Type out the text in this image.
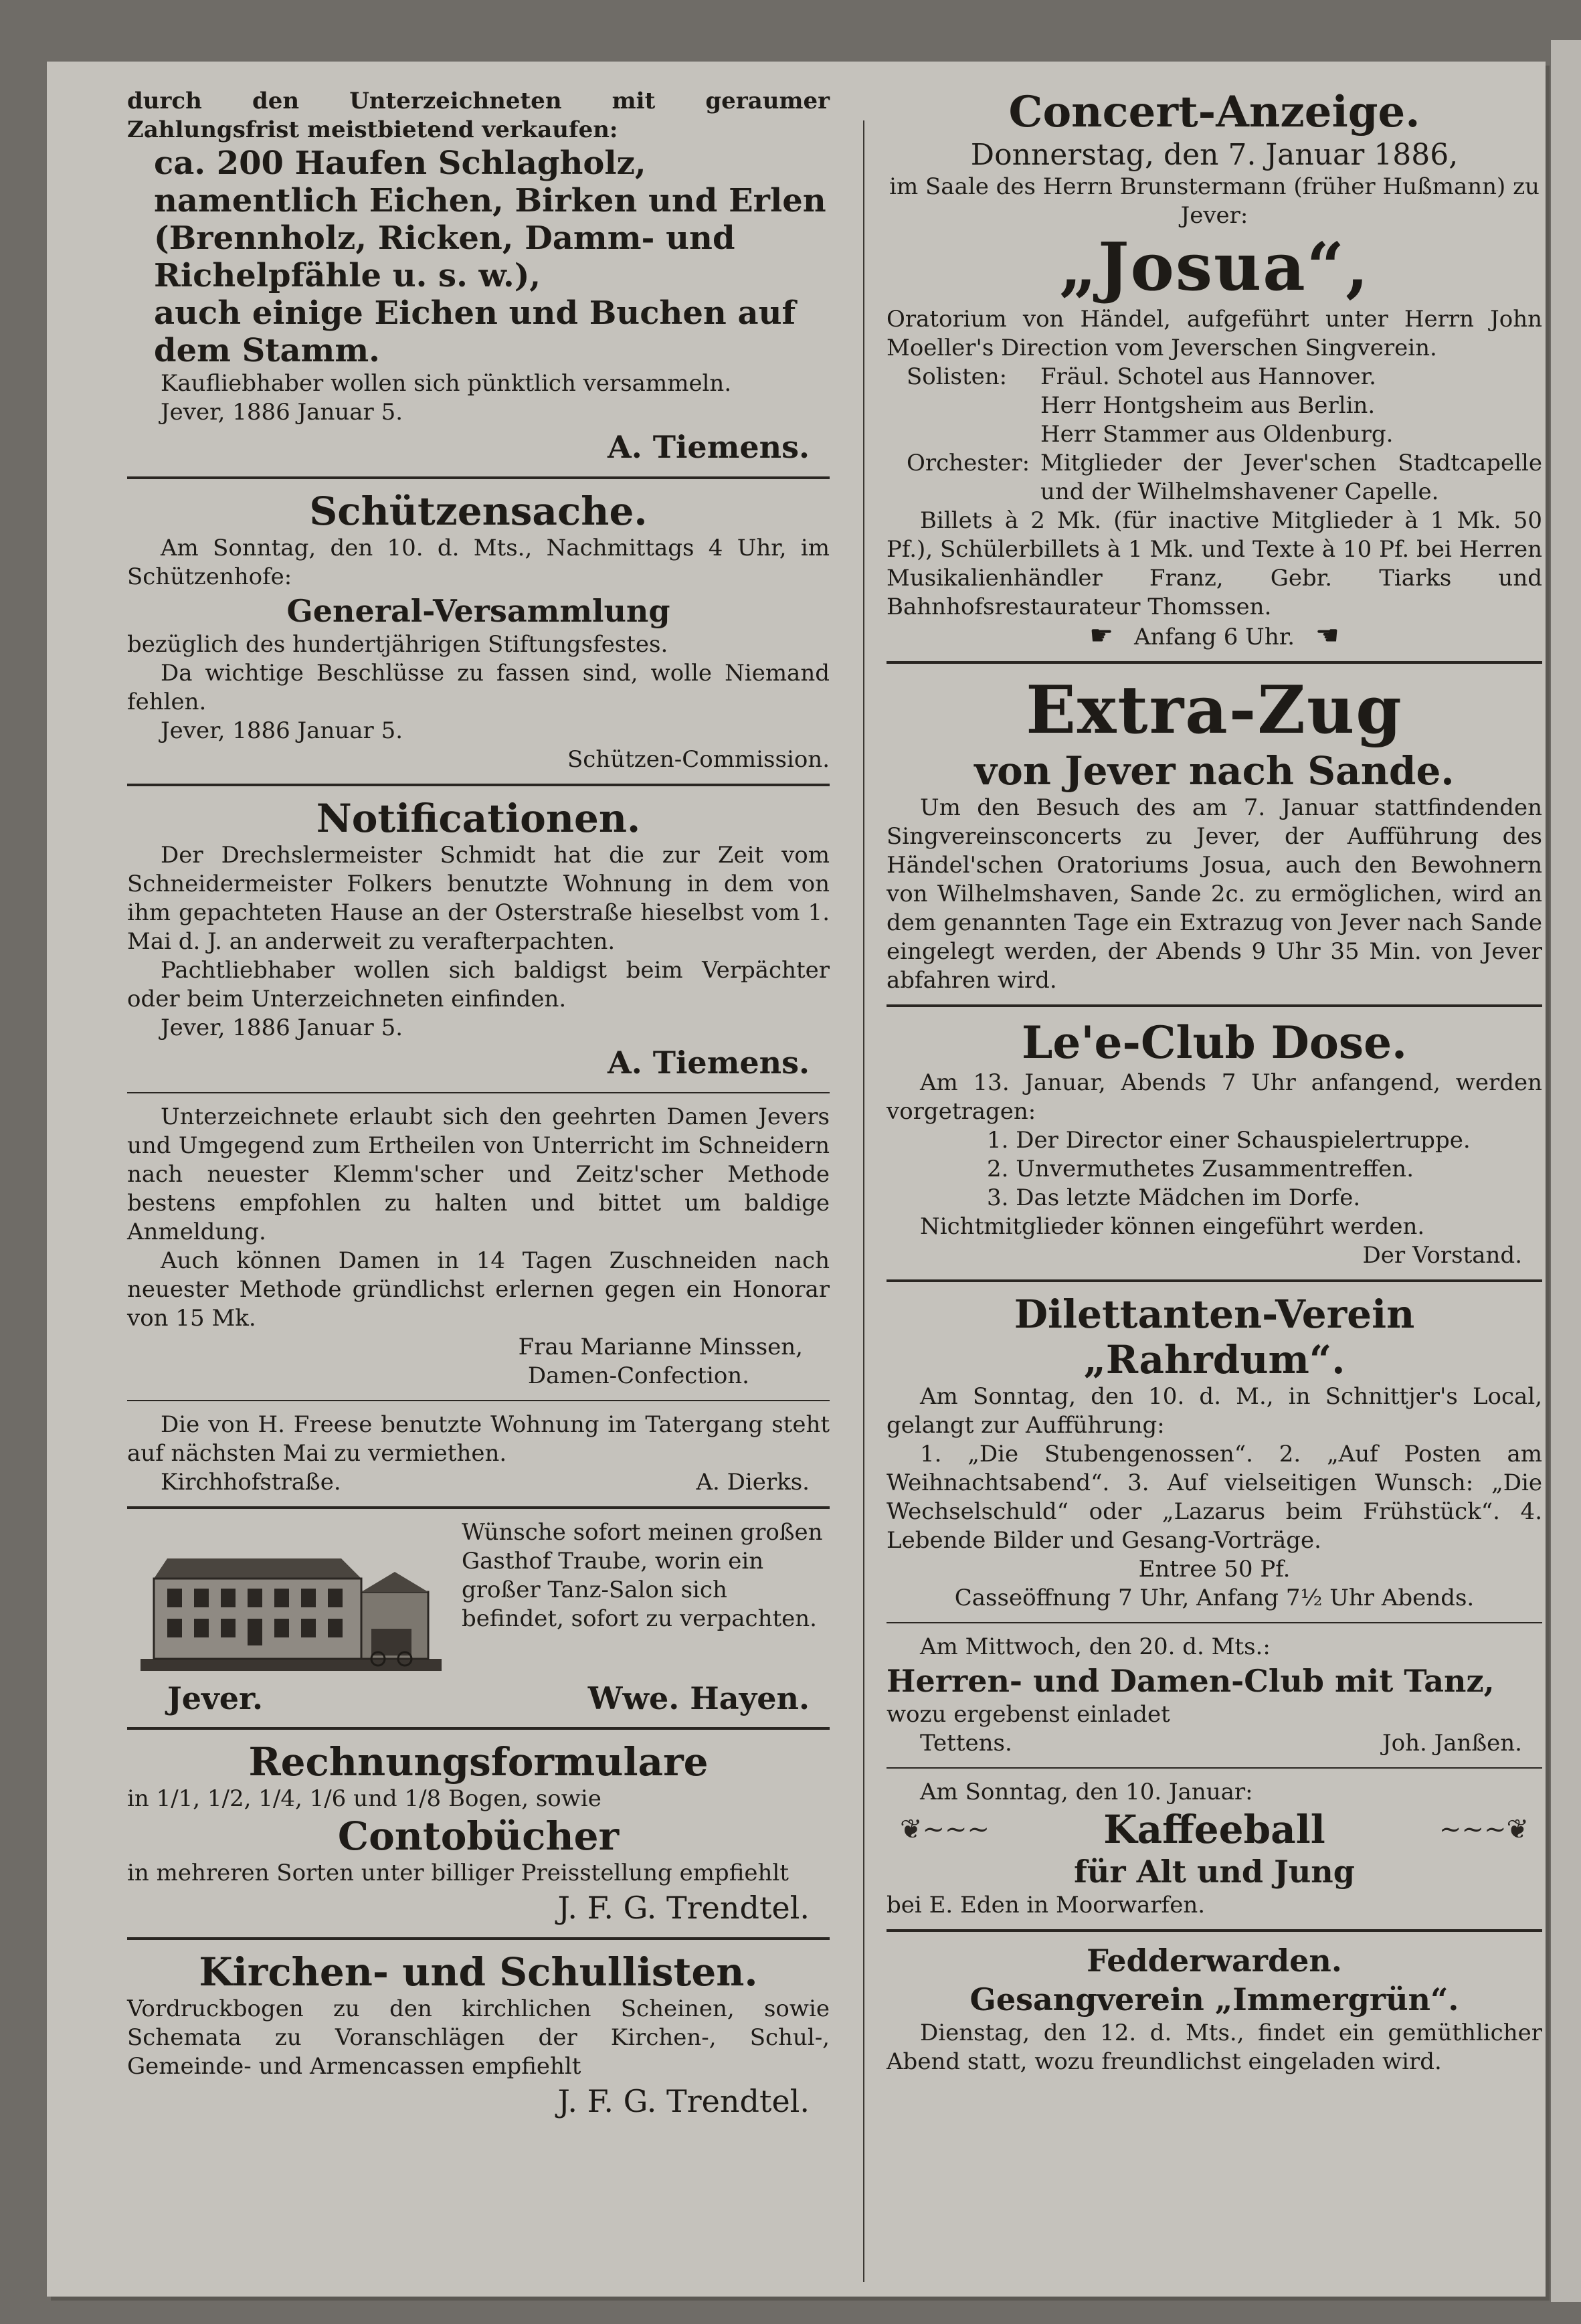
durch den Unterzeichneten mit geraumer Zahlungsfrist meistbietend verkaufen:

ca. 200 Haufen Schlagholz, namentlich Eichen, Birken und Erlen (Brennholz, Ricken, Damm- und Richelpfähle u. s. w.),

auch einige Eichen und Buchen auf dem Stamm.

Kaufliebhaber wollen sich pünktlich versammeln.

Jever, 1886 Januar 5.

A. Tiemens.

Schützensache.

Am Sonntag, den 10. d. Mts., Nachmittags 4 Uhr, im Schützenhofe:

General-Versammlung

bezüglich des hundertjährigen Stiftungsfestes.

Da wichtige Beschlüsse zu fassen sind, wolle Niemand fehlen.

Jever, 1886 Januar 5.

Schützen-Commission.

Notificationen.

Der Drechslermeister Schmidt hat die zur Zeit vom Schneidermeister Folkers benutzte Wohnung in dem von ihm gepachteten Hause an der Osterstraße hieselbst vom 1. Mai d. J. an anderweit zu verafterpachten.

Pachtliebhaber wollen sich baldigst beim Verpächter oder beim Unterzeichneten einfinden.

Jever, 1886 Januar 5.

A. Tiemens.

Unterzeichnete erlaubt sich den geehrten Damen Jevers und Umgegend zum Ertheilen von Unterricht im Schneidern nach neuester Klemm'scher und Zeitz'scher Methode bestens empfohlen zu halten und bittet um baldige Anmeldung.

Auch können Damen in 14 Tagen Zuschneiden nach neuester Methode gründlichst erlernen gegen ein Honorar von 15 Mk.

Frau Marianne Minssen,

Damen-Confection.

Die von H. Freese benutzte Wohnung im Tatergang steht auf nächsten Mai zu vermiethen.

Kirchhofstraße.	A. Dierks.

Wünsche sofort meinen großen Gasthof Traube, worin ein großer Tanz-Salon sich befindet, sofort zu verpachten.

Jever.	Wwe. Hayen.
Rechnungsformulare

in 1/1, 1/2, 1/4, 1/6 und 1/8 Bogen, sowie

Contobücher

in mehreren Sorten unter billiger Preisstellung empfiehlt

J. F. G. Trendtel.

Kirchen- und Schullisten.

Vordruckbogen zu den kirchlichen Scheinen, sowie Schemata zu Voranschlägen der Kirchen-, Schul-, Gemeinde- und Armencassen empfiehlt

J. F. G. Trendtel.

Concert-Anzeige.

Donnerstag, den 7. Januar 1886,

im Saale des Herrn Brunstermann (früher Hußmann) zu Jever:

„Josua“,

Oratorium von Händel, aufgeführt unter Herrn John Moeller's Direction vom Jeverschen Singverein.

Solisten:	Fräul. Schotel aus Hannover.

Herr Hontgsheim aus Berlin.

Herr Stammer aus Oldenburg.

Orchester: Mitglieder der Jever'schen Stadtcapelle und der Wilhelmshavener Capelle.

Billets à 2 Mk. (für inactive Mitglieder à 1 Mk. 50 Pf.), Schülerbillets à 1 Mk. und Texte à 10 Pf. bei Herren Musikalienhändler Franz, Gebr. Tiarks und Bahnhofsrestaurateur Thomssen.

☛ Anfang 6 Uhr. ☚

Extra-Zug
von Jever nach Sande.

Um den Besuch des am 7. Januar stattfindenden Singvereinsconcerts zu Jever, der Aufführung des Händel'schen Oratoriums Josua, auch den Bewohnern von Wilhelmshaven, Sande 2c. zu ermöglichen, wird an dem genannten Tage ein Extrazug von Jever nach Sande eingelegt werden, der Abends 9 Uhr 35 Min. von Jever abfahren wird.

Le'e-Club Dose.

Am 13. Januar, Abends 7 Uhr anfangend, werden vorgetragen:

1. Der Director einer Schauspielertruppe.

2. Unvermuthetes Zusammentreffen.

3. Das letzte Mädchen im Dorfe.

Nichtmitglieder können eingeführt werden.

Der Vorstand.

Dilettanten-Verein „Rahrdum“.

Am Sonntag, den 10. d. M., in Schnittjer's Local, gelangt zur Aufführung:

1. „Die Stubengenossen“. 2. „Auf Posten am Weihnachtsabend“. 3. Auf vielseitigen Wunsch: „Die Wechselschuld“ oder „Lazarus beim Frühstück“. 4. Lebende Bilder und Gesang-Vorträge.

Entree 50 Pf.

Casseöffnung 7 Uhr, Anfang 7½ Uhr Abends.

Am Mittwoch, den 20. d. Mts.:

Herren- und Damen-Club mit Tanz,

wozu ergebenst einladet

Tettens.	Joh. Janßen.

Am Sonntag, den 10. Januar:

❦~~~	Kaffeeball	~~~❦
für Alt und Jung

bei E. Eden in Moorwarfen.

Fedderwarden.
Gesangverein „Immergrün“.

Dienstag, den 12. d. Mts., findet ein gemüthlicher Abend statt, wozu freundlichst eingeladen wird.
